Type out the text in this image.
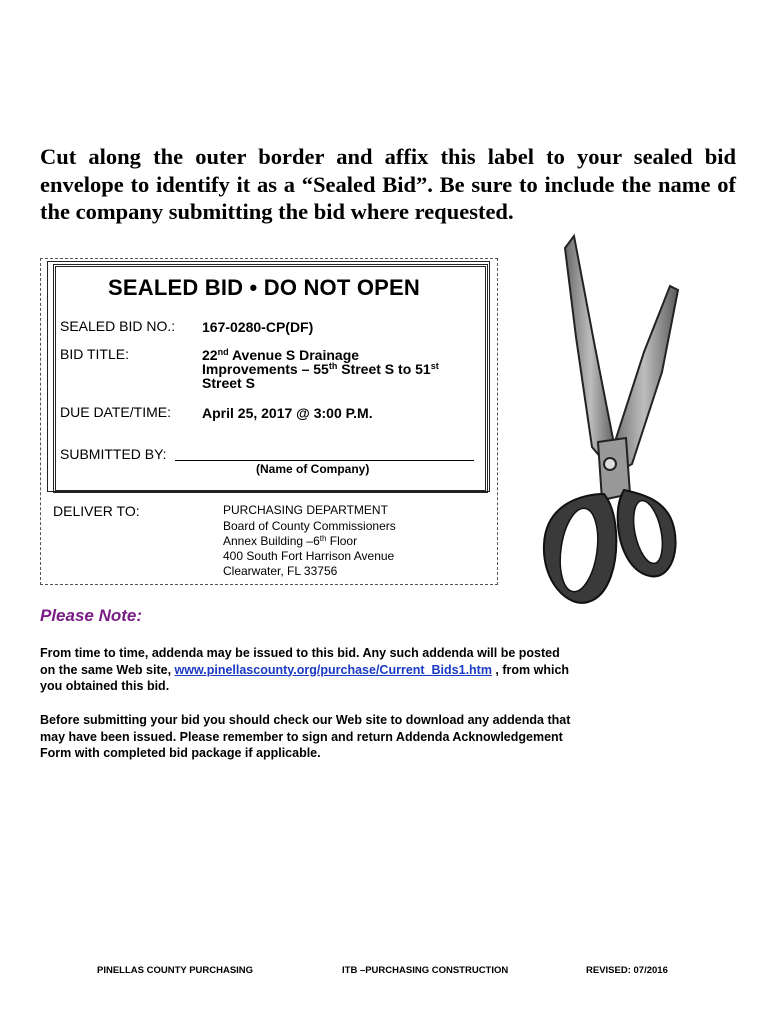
Cut along the outer border and affix this label to your sealed bid
envelope to identify it as a “Sealed Bid”. Be sure to include the name of
the company submitting the bid where requested.
SEALED BID • DO NOT OPEN
SEALED BID NO.: 167-0280-CP(DF)
BID TITLE:	22nd Avenue S Drainage
Improvements – 55th Street S to 51st
Street S
DUE DATE/TIME: April 25, 2017 @ 3:00 P.M.
SUBMITTED BY:
(Name of Company)
DELIVER TO:	PURCHASING DEPARTMENT
Board of County Commissioners
Annex Building –6th Floor
400 South Fort Harrison Avenue
Clearwater, FL 33756
Please Note:
From time to time, addenda may be issued to this bid. Any such addenda will be posted
on the same Web site, www.pinellascounty.org/purchase/Current_Bids1.htm , from which
you obtained this bid.
Before submitting your bid you should check our Web site to download any addenda that
may have been issued. Please remember to sign and return Addenda Acknowledgement
Form with completed bid package if applicable.
PINELLAS COUNTY PURCHASING	ITB –PURCHASING CONSTRUCTION	REVISED: 07/2016
